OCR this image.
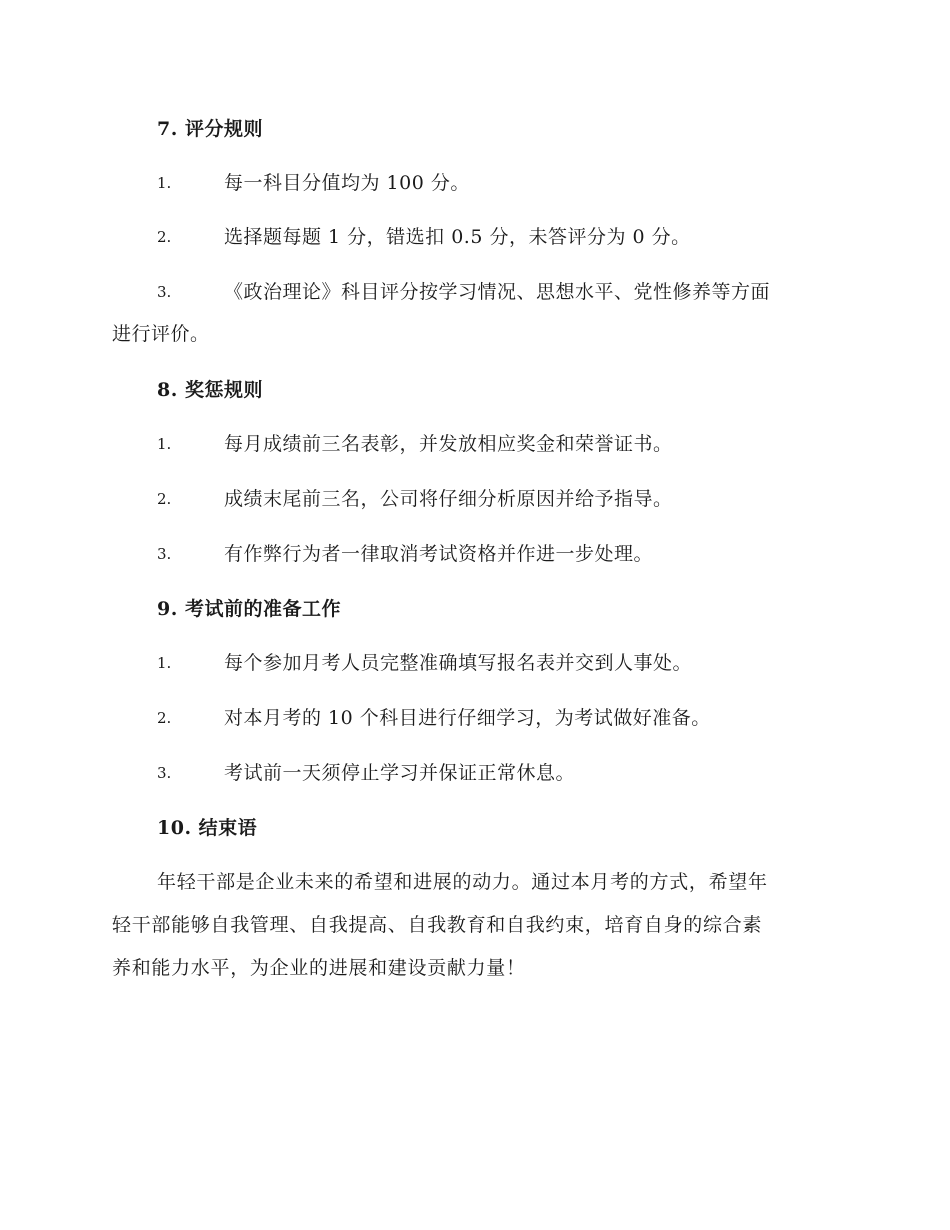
7. 评分规则
1.	每一科目分值均为 100 分。
2.	选择题每题 1 分，错选扣 0.5 分，未答评分为 0 分。
3.	《政治理论》科目评分按学习情况、思想水平、党性修养等方面
进行评价。
8. 奖惩规则
1.	每月成绩前三名表彰，并发放相应奖金和荣誉证书。
2.	成绩末尾前三名，公司将仔细分析原因并给予指导。
3.	有作弊行为者一律取消考试资格并作进一步处理。
9. 考试前的准备工作
1.	每个参加月考人员完整准确填写报名表并交到人事处。
2.	对本月考的 10 个科目进行仔细学习，为考试做好准备。
3.	考试前一天须停止学习并保证正常休息。
10. 结束语
年轻干部是企业未来的希望和进展的动力。通过本月考的方式，希望年
轻干部能够自我管理、自我提高、自我教育和自我约束，培育自身的综合素
养和能力水平，为企业的进展和建设贡献力量！
